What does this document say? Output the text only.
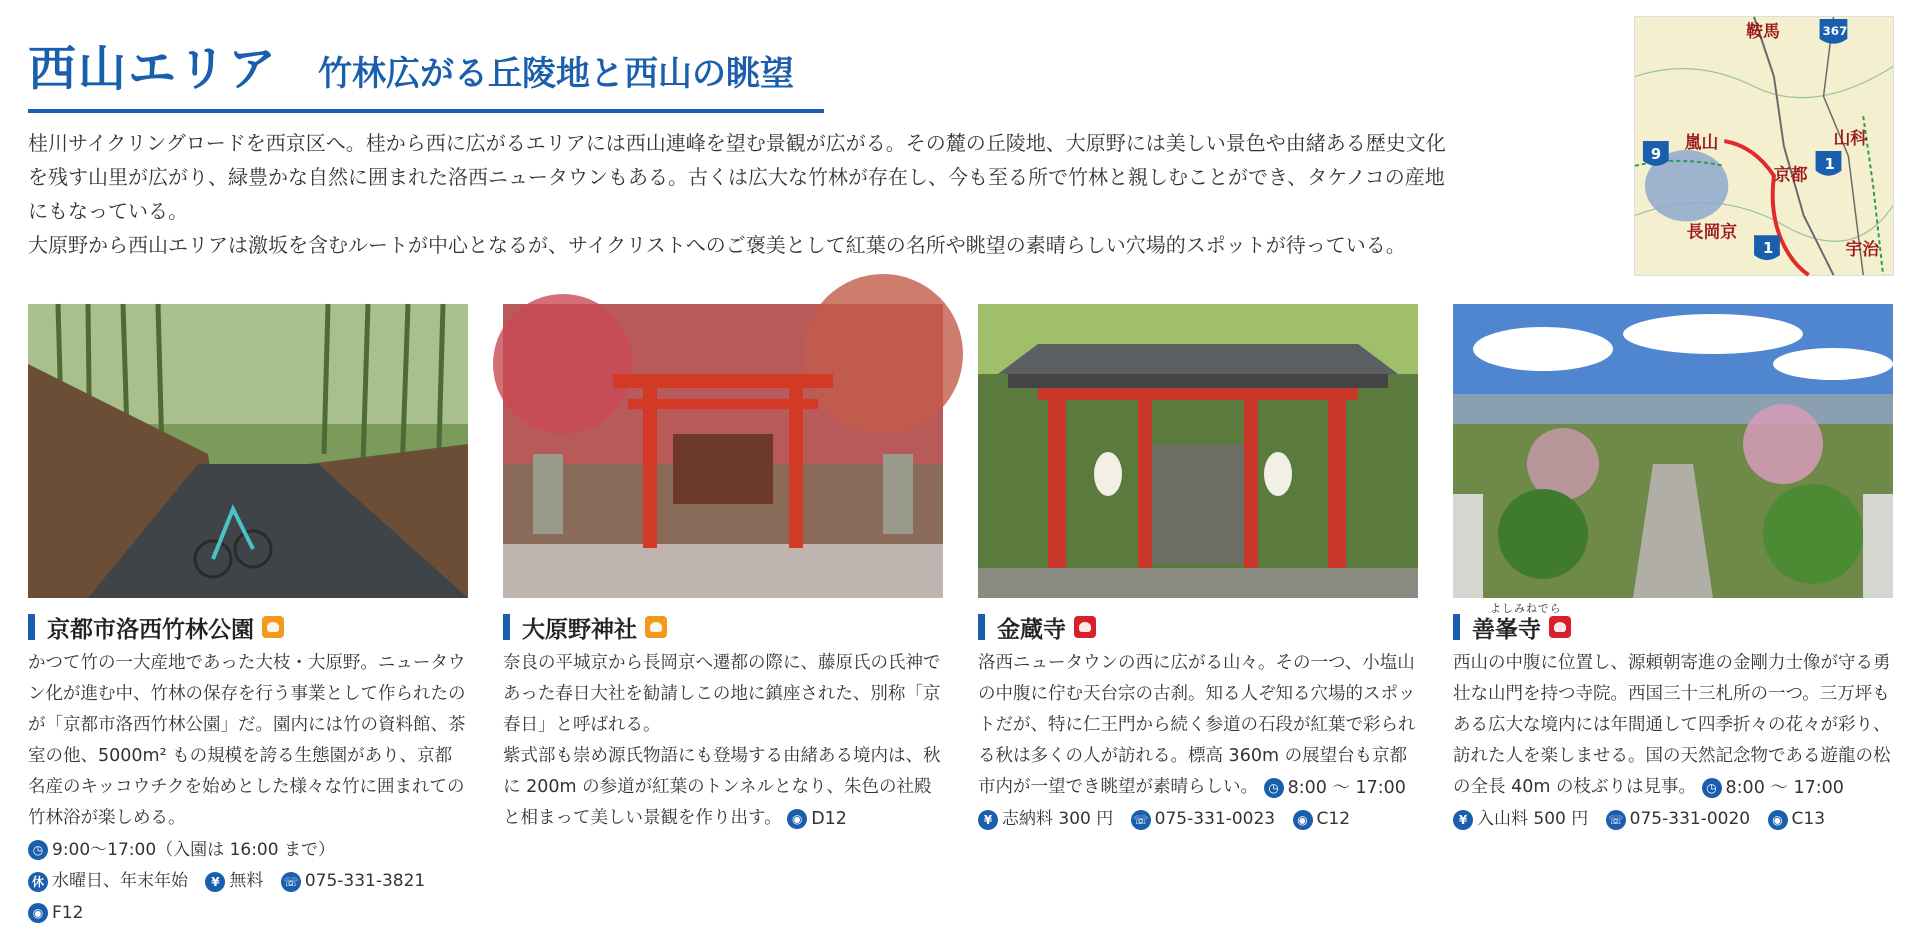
西山エリア 竹林広がる丘陵地と西山の眺望

桂川サイクリングロードを西京区へ。桂から西に広がるエリアには西山連峰を望む景観が広がる。その麓の丘陵地、大原野には美しい景色や由緒ある歴史文化を残す山里が広がり、緑豊かな自然に囲まれた洛西ニュータウンもある。古くは広大な竹林が存在し、今も至る所で竹林と親しむことができ、タケノコの産地にもなっている。

大原野から西山エリアは激坂を含むルートが中心となるが、サイクリストへのご褒美として紅葉の名所や眺望の素晴らしい穴場的スポットが待っている。

鞍馬
嵐山	山科
京都
長岡京
宇治
367
9
1
1
京都市洛西竹林公園

かつて竹の一大産地であった大枝・大原野。ニュータウン化が進む中、竹林の保存を行う事業として作られたのが「京都市洛西竹林公園」だ。園内には竹の資料館、茶室の他、5000m² もの規模を誇る生態園があり、京都名産のキッコウチクを始めとした様々な竹に囲まれての竹林浴が楽しめる。

◷ 9:00～17:00（入園は 16:00 まで）

休 水曜日、年末年始
	¥ 無料
☏ 075-331-3821

◉ F12
大原野神社

奈良の平城京から長岡京へ遷都の際に、藤原氏の氏神であった春日大社を勧請しこの地に鎮座された、別称「京春日」と呼ばれる。

紫式部も崇め源氏物語にも登場する由緒ある境内は、秋に 200m の参道が紅葉のトンネルとなり、朱色の社殿と相まって美しい景観を作り出す。

◉ D12
金蔵寺
洛西ニュータウンの西に広がる山々。その一つ、小塩山の中腹に佇む天台宗の古刹。知る人ぞ知る穴場的スポットだが、特に仁王門から続く参道の石段が紅葉で彩られる秋は多くの人が訪れる。標高 360m の展望台も京都市内が一望でき眺望が素晴らしい。 ◷ 8:00 ～ 17:00
¥ 志納料 300 円
☏ 075-331-0023
	◉ C12
よしみねでら
善峯寺
西山の中腹に位置し、源頼朝寄進の金剛力士像が守る勇壮な山門を持つ寺院。西国三十三札所の一つ。三万坪もある広大な境内には年間通して四季折々の花々が彩り、訪れた人を楽しませる。国の天然記念物である遊龍の松の全長 40m の枝ぶりは見事。 ◷ 8:00 ～ 17:00
¥ 入山料 500 円
☏ 075-331-0020
	◉ C13
